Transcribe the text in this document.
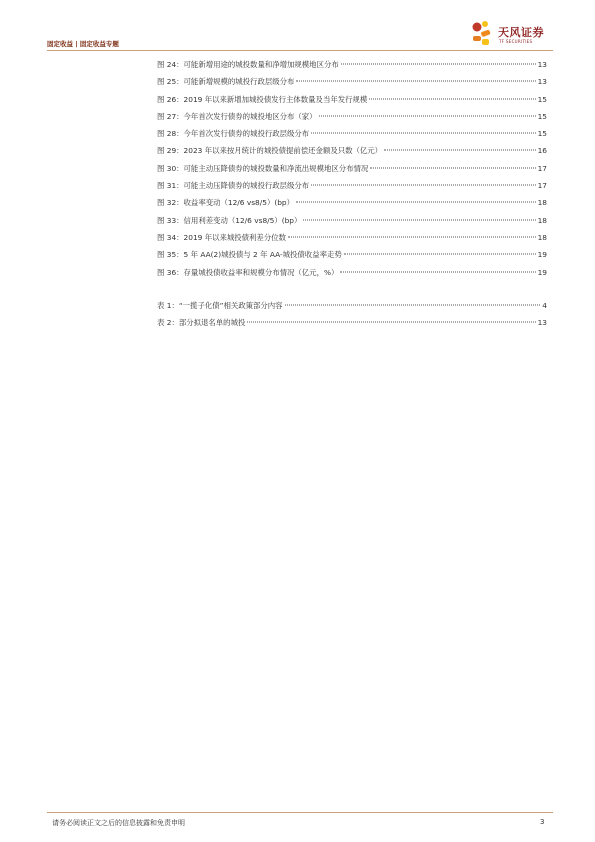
固定收益 | 固定收益专题
天风证券
TF SECURITIES
图 24：可能新增用途的城投数量和净增加规模地区分布	13
图 25：可能新增规模的城投行政层级分布	13
图 26：2019 年以来新增加城投债发行主体数量及当年发行规模	15
图 27：今年首次发行债券的城投地区分布（家）	15
图 28：今年首次发行债券的城投行政层级分布	15
图 29：2023 年以来按月统计的城投债提前偿还金额及只数（亿元）	16
图 30：可能主动压降债券的城投数量和净流出规模地区分布情况	17
图 31：可能主动压降债券的城投行政层级分布	17
图 32：收益率变动（12/6 vs8/5）(bp）	18
图 33：信用利差变动（12/6 vs8/5）(bp）	18
图 34：2019 年以来城投债利差分位数	18
图 35：5 年 AA(2)城投债与 2 年 AA-城投债收益率走势	19
图 36：存量城投债收益率和规模分布情况（亿元，%）	19
表 1：“一揽子化债”相关政策部分内容	4
表 2：部分拟退名单的城投	13
请务必阅读正文之后的信息披露和免责申明	3
